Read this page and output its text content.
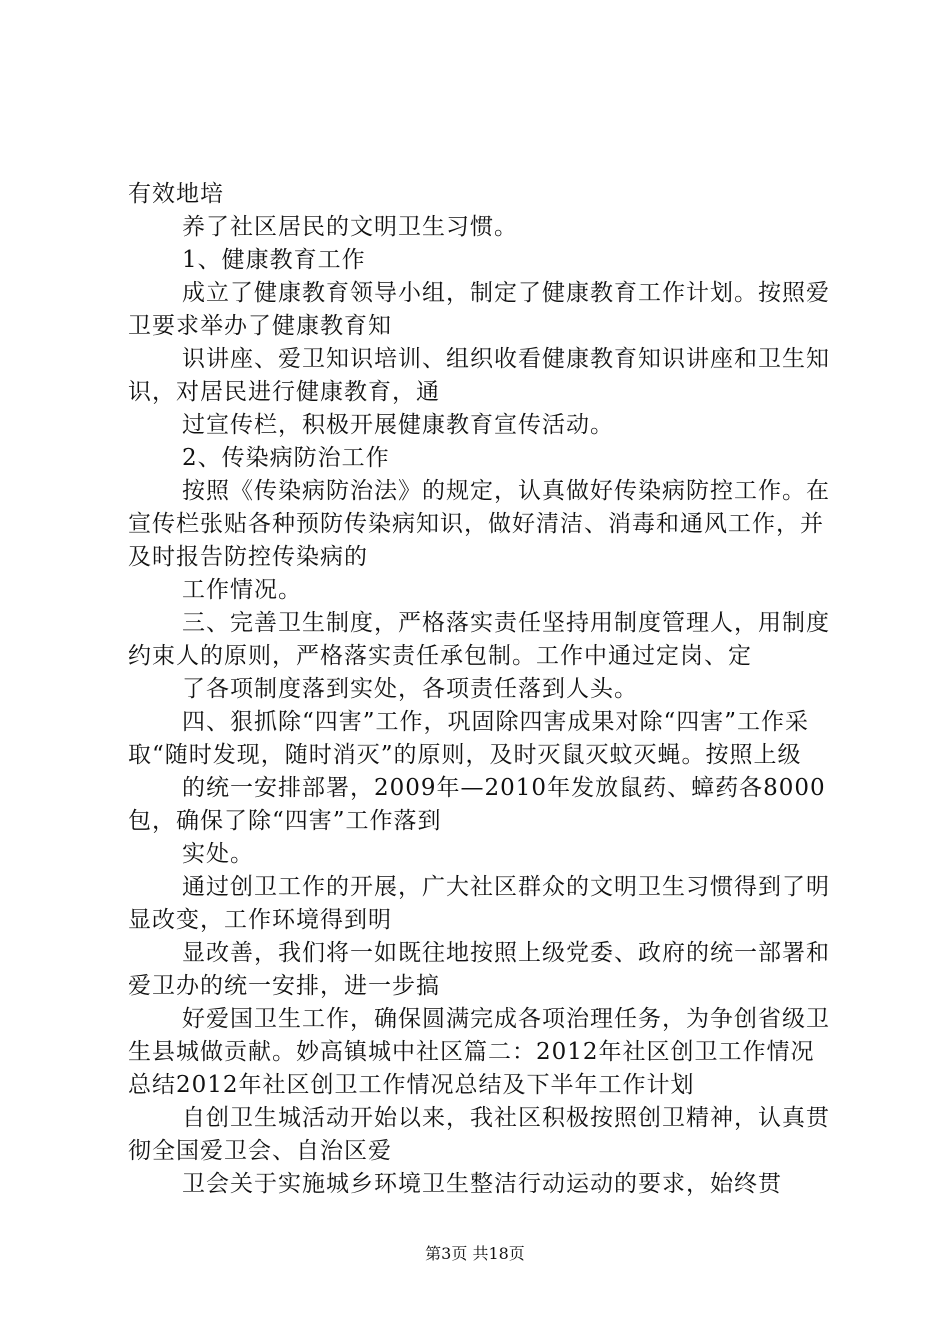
有效地培

养了社区居民的文明卫生习惯。

1、健康教育工作

成立了健康教育领导小组，制定了健康教育工作计划。按照爱卫要求举办了健康教育知

识讲座、爱卫知识培训、组织收看健康教育知识讲座和卫生知识，对居民进行健康教育，通

过宣传栏，积极开展健康教育宣传活动。

2、传染病防治工作

按照《传染病防治法》的规定，认真做好传染病防控工作。在宣传栏张贴各种预防传染病知识，做好清洁、消毒和通风工作，并及时报告防控传染病的

工作情况。

三、完善卫生制度，严格落实责任坚持用制度管理人，用制度约束人的原则，严格落实责任承包制。工作中通过定岗、定

了各项制度落到实处，各项责任落到人头。

四、狠抓除“四害”工作，巩固除四害成果对除“四害”工作采取“随时发现，随时消灭”的原则，及时灭鼠灭蚊灭蝇。按照上级

的统一安排部署，2009年—2010年发放鼠药、蟑药各8000包，确保了除“四害”工作落到

实处。

通过创卫工作的开展，广大社区群众的文明卫生习惯得到了明显改变，工作环境得到明

显改善，我们将一如既往地按照上级党委、政府的统一部署和爱卫办的统一安排，进一步搞

好爱国卫生工作，确保圆满完成各项治理任务，为争创省级卫生县城做贡献。妙高镇城中社区篇二：2012年社区创卫工作情况总结2012年社区创卫工作情况总结及下半年工作计划

自创卫生城活动开始以来，我社区积极按照创卫精神，认真贯彻全国爱卫会、自治区爱

卫会关于实施城乡环境卫生整洁行动运动的要求，始终贯

第3页 共18页
